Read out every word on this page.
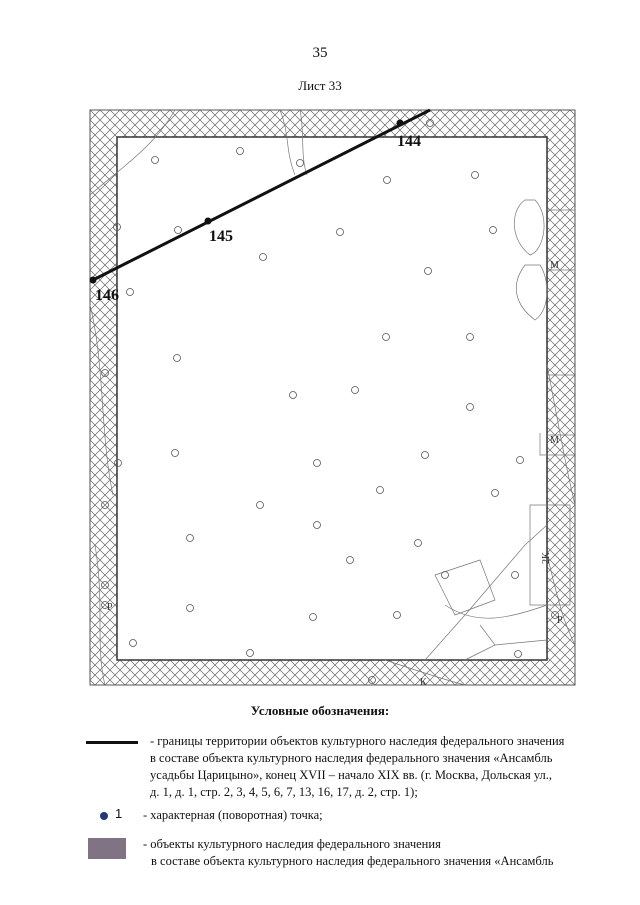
35
Лист 33
М
М
2К
Р
Р
К
144
145
146
Условные обозначения:
- границы территории объектов культурного наследия федерального значения
в составе объекта культурного наследия федерального значения «Ансамбль
усадьбы Царицыно», конец XVII – начало XIX вв. (г. Москва, Дольская ул.,
д. 1, д. 1, стр. 2, 3, 4, 5, 6, 7, 13, 16, 17, д. 2, стр. 1);
1 - характерная (поворотная) точка;
- объекты культурного наследия федерального значения
в составе объекта культурного наследия федерального значения «Ансамбль
